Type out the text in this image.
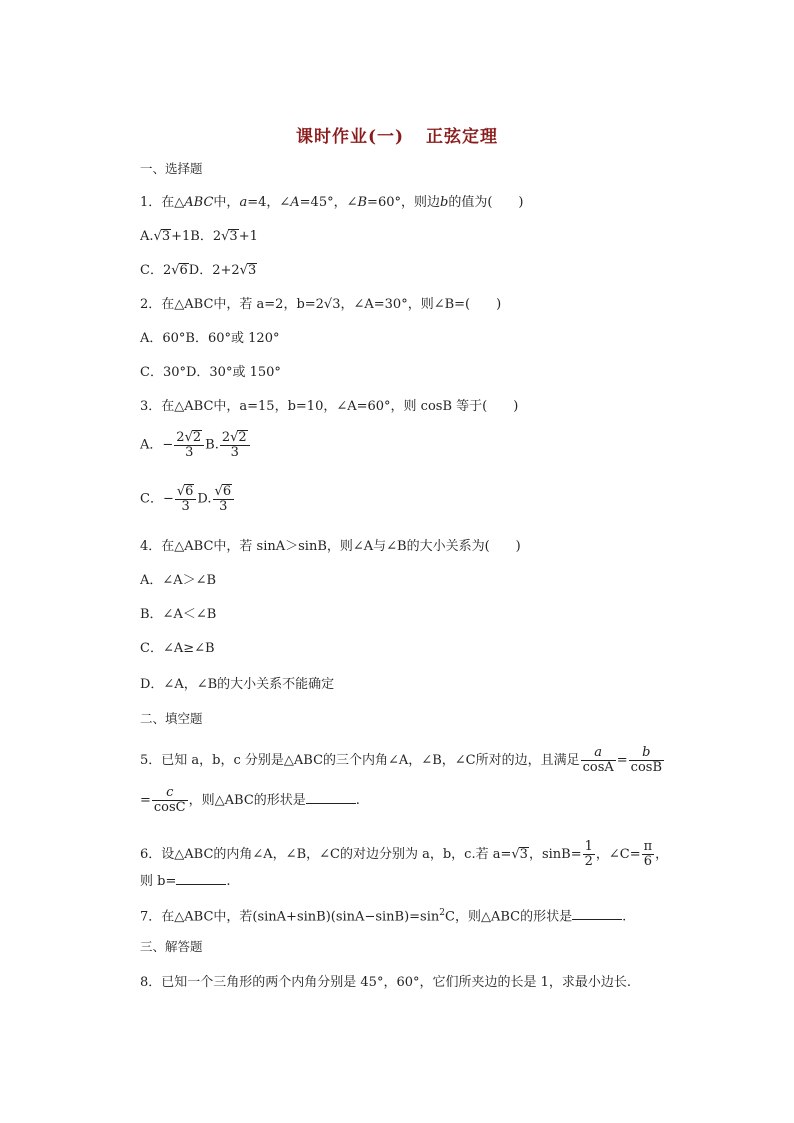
课时作业(一) 正弦定理
一、选择题
1．在△ABC中，a=4，∠A=45°，∠B=60°，则边b的值为(　　)
A.√3+1B．2√3+1
C．2√6D．2+2√3
2．在△ABC中，若 a=2，b=2√3，∠A=30°，则∠B=(　　)
A．60°B．60°或 120°
C．30°D．30°或 150°
3．在△ABC中，a=15，b=10，∠A=60°，则 cosB 等于(　　)
A．− $\frac{2√2}{3} B$. $\frac{2√2}{3}$
C．− $\frac{√6}{3} D$. $\frac{√6}{3}$
4．在△ABC中，若 sinA＞sinB，则∠A与∠B的大小关系为(　　)
A．∠A＞∠B
B．∠A＜∠B
C．∠A≥∠B
D．∠A，∠B的大小关系不能确定
二、填空题
5．已知 a，b，c 分别是△ABC的三个内角∠A，∠B，∠C所对的边，且满足 $\frac{a}{\cos A} = \frac{b}{\cos B}$
= $\frac{c}{\cos C}$ ，则△ABC的形状是	.
6．设△ABC的内角∠A，∠B，∠C的对边分别为 a，b，c.若 a=√3，$\sin B= \frac{1}{2}$ ，∠C= $\frac{\pi}{6}$ ，
则 b=	.
7．在△ABC中，若$(\sin A+\sin B)(\sin A-\sin B)=\sin^2C$，则△ABC的形状是	.
三、解答题
8．已知一个三角形的两个内角分别是 45°，60°，它们所夹边的长是 1，求最小边长.
